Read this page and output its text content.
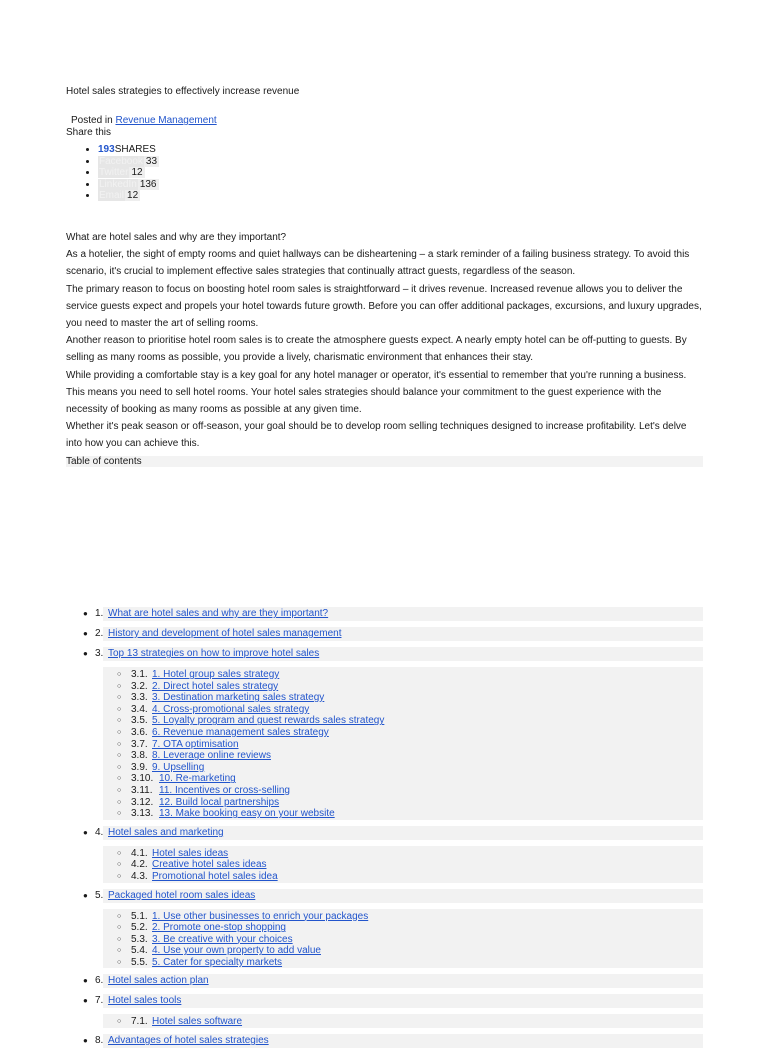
Hotel sales strategies to effectively increase revenue
Posted in Revenue Management
Share this
• 193SHARES
• Facebook 33
• Twitter 12
• LinkedIn 136
• Email 12

What are hotel sales and why are they important?

As a hotelier, the sight of empty rooms and quiet hallways can be disheartening – a stark reminder of a failing business strategy. To avoid this scenario, it's crucial to implement effective sales strategies that continually attract guests, regardless of the season.

The primary reason to focus on boosting hotel room sales is straightforward – it drives revenue. Increased revenue allows you to deliver the service guests expect and propels your hotel towards future growth. Before you can offer additional packages, excursions, and luxury upgrades, you need to master the art of selling rooms.

Another reason to prioritise hotel room sales is to create the atmosphere guests expect. A nearly empty hotel can be off-putting to guests. By selling as many rooms as possible, you provide a lively, charismatic environment that enhances their stay.

While providing a comfortable stay is a key goal for any hotel manager or operator, it's essential to remember that you're running a business. This means you need to sell hotel rooms. Your hotel sales strategies should balance your commitment to the guest experience with the necessity of booking as many rooms as possible at any given time.

Whether it's peak season or off-season, your goal should be to develop room selling techniques designed to increase profitability. Let's delve into how you can achieve this.

Table of contents
● 1. What are hotel sales and why are they important?
● 2. History and development of hotel sales management
● 3. Top 13 strategies on how to improve hotel sales
○ 3.1. 1. Hotel group sales strategy
○ 3.2. 2. Direct hotel sales strategy
○ 3.3. 3. Destination marketing sales strategy
○ 3.4. 4. Cross-promotional sales strategy
○ 3.5. 5. Loyalty program and guest rewards sales strategy
○ 3.6. 6. Revenue management sales strategy
○ 3.7. 7. OTA optimisation
○ 3.8. 8. Leverage online reviews
○ 3.9. 9. Upselling
○ 3.10. 10. Re-marketing
○ 3.11. 11. Incentives or cross-selling
○ 3.12. 12. Build local partnerships
○ 3.13. 13. Make booking easy on your website
● 4. Hotel sales and marketing
○ 4.1. Hotel sales ideas
○ 4.2. Creative hotel sales ideas
○ 4.3. Promotional hotel sales idea
● 5. Packaged hotel room sales ideas
○ 5.1. 1. Use other businesses to enrich your packages
○ 5.2. 2. Promote one-stop shopping
○ 5.3. 3. Be creative with your choices
○ 5.4. 4. Use your own property to add value
○ 5.5. 5. Cater for specialty markets
● 6. Hotel sales action plan
● 7. Hotel sales tools
○ 7.1. Hotel sales software
● 8. Advantages of hotel sales strategies
